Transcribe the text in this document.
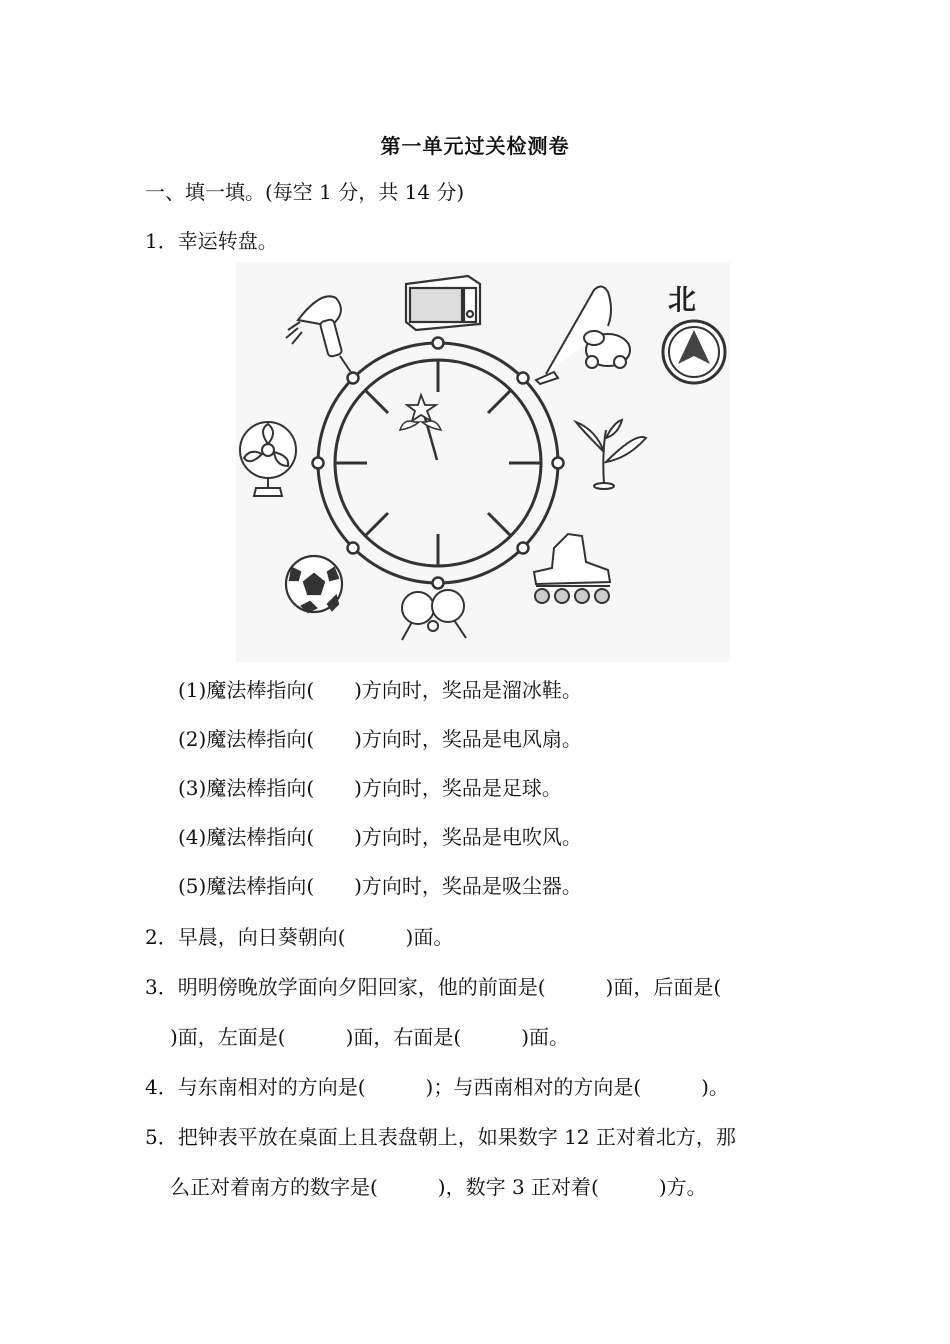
第一单元过关检测卷
一、填一填。(每空 1 分，共 14 分)
1．幸运转盘。
北
(1)魔法棒指向(　　)方向时，奖品是溜冰鞋。
(2)魔法棒指向(　　)方向时，奖品是电风扇。
(3)魔法棒指向(　　)方向时，奖品是足球。
(4)魔法棒指向(　　)方向时，奖品是电吹风。
(5)魔法棒指向(　　)方向时，奖品是吸尘器。
2．早晨，向日葵朝向(　　　)面。
3．明明傍晚放学面向夕阳回家，他的前面是(　　　)面，后面是(
)面，左面是(　　　)面，右面是(　　　)面。
4．与东南相对的方向是(　　　)；与西南相对的方向是(　　　)。
5．把钟表平放在桌面上且表盘朝上，如果数字 12 正对着北方，那
么正对着南方的数字是(　　　)，数字 3 正对着(　　　)方。
